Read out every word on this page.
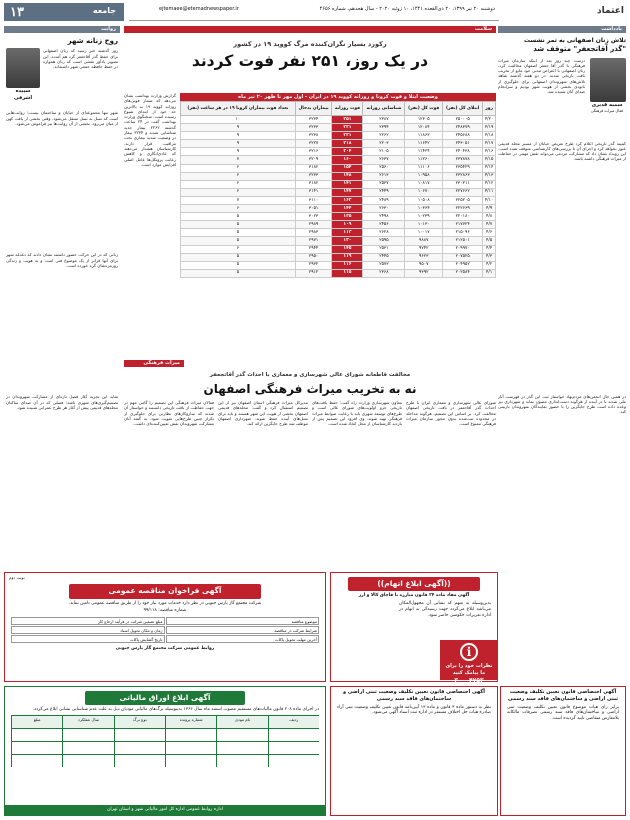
۱۳	جامعه	ejtemaee@etemadnewspaper.ir	دوشنبه ۲۰ تیر ۱۳۹۹، ۲۰ ذی‌القعده ۱۴۴۱، ۱۰ ژوئیه ۲۰۲۰ - سال هجدهم، شماره ۴۶۵۶	اعتماد
روایت
روح زنانه شهر
روز گذشته خبر رسید که زنان اصفهانی برای حفظ گذر آقاجعفر گرد هم آمدند. این تصویر یادآور نقشی است که زنان همواره در حفظ حافظه جمعی شهر داشته‌اند.
سپیده اشرفی
شهر تنها مجموعه‌ای از خیابان و ساختمان نیست؛ روایت‌هایی است که نسل به نسل منتقل می‌شود. وقتی بخشی از بافت کهن از میان می‌رود، بخشی از آن روایت‌ها نیز فراموش می‌شود.
زنانی که در این حرکت حضور داشتند نشان دادند که دغدغه شهر برای آنها فراتر از یک موضوع فنی است و به هویت و زندگی روزمره‌شان گره خورده است.
شاید این تجربه آغاز فصل تازه‌ای از مشارکت شهروندان در تصمیم‌گیری‌های شهری باشد؛ فصلی که در آن صدای ساکنان محله‌های قدیمی پیش از آغاز هر طرح عمرانی شنیده شود.
سلامت
رکورد بسیار نگران‌کننده مرگ کووید ۱۹ در کشور
در یک روز، ۲۵۱ نفر فوت کردند
گزارش وزارت بهداشت نشان می‌دهد که شمار فوتی‌های روزانه کووید ۱۹ به بالاترین حد خود از ابتدای شیوع رسیده است. سخنگوی وزارت بهداشت گفت در ۲۴ ساعت گذشته ۲۲۶۲ بیمار جدید شناسایی شدند و ۳۲۳۴ بیمار در وضعیت شدید بیماری تحت مراقبت قرار دارند. کارشناسان هشدار می‌دهند که عادی‌انگاری و کاهش رعایت پروتکل‌ها عامل اصلی افزایش موارد است.
وضعیت ابتلا و فوت کرونا و روزانه کووید ۱۹ در ایران - اول مهر تا ظهر ۲۰ تیر ماه
روز	ابتلای کل (نفر)	فوت کل (نفر)	شناسایی روزانه	فوت روزانه	بیماران بدحال	تعداد فوت بیماران کرونا ۱۹ در هر ساعت (نفر)
۴/۲۰	۲۵۰۰۰۵	۱۲۳۰۵	۲۳۸۷	۲۵۱	۳۲۳۴	۱۰
۴/۱۹	۲۴۸۳۷۹	۱۲۰۸۴	۲۳۹۴	۲۲۱	۳۲۳۳	۹
۴/۱۸	۲۴۵۶۸۸	۱۱۸۶۳	۲۲۶۲	۲۲۱	۳۲۳۸	۹
۴/۱۷	۲۴۳۰۵۱	۱۱۶۴۲	۲۲۰۳	۲۱۸	۳۲۲۷	۹
۴/۱۶	۲۴۰۴۳۸	۱۱۴۲۴	۲۱۰۵	۲۰۴	۳۲۱۶	۹
۴/۱۵	۲۳۷۸۷۸	۱۱۲۶۰	۲۶۳۷	۱۶۰	۳۲۰۹	۷
۴/۱۴	۲۳۵۴۲۹	۱۱۱۰۶	۲۵۶۰	۱۵۴	۳۱۸۲	۶
۴/۱۳	۲۳۲۸۶۳	۱۰۹۵۸	۲۶۱۳	۱۴۸	۳۲۳۳	۶
۴/۱۲	۲۳۰۲۱۱	۱۰۸۱۷	۲۵۳۷	۱۴۱	۳۱۸۲	۶
۴/۱۱	۲۲۷۶۶۲	۱۰۶۷۰	۲۴۴۹	۱۴۷	۳۱۴۱	۶
۴/۱۰	۲۲۵۲۰۵	۱۰۵۰۸	۲۴۸۹	۱۶۲	۳۱۱۰	۷
۴/۹	۲۲۲۶۶۹	۱۰۳۶۴	۲۶۳۰	۱۴۴	۳۰۵۱	۶
۴/۸	۲۲۰۱۸۰	۱۰۲۳۹	۲۴۹۸	۱۲۵	۳۰۲۳	۵
۴/۷	۲۱۷۷۲۴	۱۰۱۳۰	۲۴۵۶	۱۰۹	۲۹۸۹	۵
۴/۶	۲۱۵۰۹۶	۱۰۰۱۷	۲۶۲۸	۱۱۳	۲۹۸۳	۵
۴/۵	۲۱۲۵۰۱	۹۸۸۷	۲۵۹۵	۱۳۰	۲۹۷۱	۵
۴/۴	۲۰۹۹۷۰	۹۷۴۲	۲۵۳۱	۱۴۵	۲۹۴۴	۶
۴/۳	۲۰۷۵۲۵	۹۶۲۳	۲۴۴۵	۱۱۹	۲۹۵۰	۵
۴/۲	۲۰۴۹۵۲	۹۵۰۷	۲۵۷۳	۱۱۶	۲۹۳۲	۵
۴/۱	۲۰۲۵۸۴	۹۳۹۲	۲۳۶۸	۱۱۵	۲۹۱۲	۵
میراث فرهنگی
مخالفت قاطعانه شورای عالی شهرسازی و معماری با احداث گذر آقاتجعفر
نه به تخریب میراث فرهنگی اصفهان
شورای عالی شهرسازی و معماری ایران با طرح احداث گذر آقاجعفر در بافت تاریخی اصفهان مخالفت کرد. بر اساس این تصمیم، هرگونه مداخله در محدوده ثبت‌شده بدون مجوز سازمان میراث فرهنگی ممنوع است.
معاون شهرسازی وزارت راه گفت: حفظ بافت‌های تاریخی جزو اولویت‌های شورای عالی است و طرح‌های توسعه شهری باید با رعایت ضوابط میراث فرهنگی تهیه شوند. وی افزود این تصمیم پس از بازدید کارشناسان از محل اتخاذ شده است.
مدیرکل میراث فرهنگی استان اصفهان نیز از این تصمیم استقبال کرد و گفت: محله‌های قدیمی اصفهان بخشی از هویت این شهر هستند و باید برای نسل‌های آینده حفظ شوند. شهرداری اصفهان موظف شد طرح جایگزین ارائه کند.
فعالان میراث فرهنگی این تصمیم را گامی مهم در جهت حفاظت از بافت تاریخی دانستند و خواستار آن شدند که سازوکارهای نظارتی برای جلوگیری از تکرار چنین طرح‌هایی تقویت شود. به گفته آنان مشارکت شهروندان نقش تعیین‌کننده‌ای داشت.
یادداشت
تلاش زنان اصفهانی به ثمر نشست
"گذر آقاتجعفر" متوقف شد
سمیه قدیری
فعال میراث فرهنگی
درست چند روز بعد از اینکه سازمان میراث فرهنگی با گذر آقا جعفر اصفهان مخالفت کرد، زنان اصفهانی با اعتراض مدنی خود مانع از تخریب بافت تاریخی شدند. در دو هفته گذشته شاهد تلاش‌های شهروندان اصفهانی برای جلوگیری از نابودی بخشی از هویت شهر بودیم و سرانجام صدای آنان شنیده شد.
کمیته گذر تاریخی اعلام کرد طرح تعریض خیابان از مسیر محله قدیمی عبور نخواهد کرد و اجرای آن تا بررسی‌های کارشناسی متوقف شده است. این رویداد نشان داد که مشارکت مردمی می‌تواند نقش مهمی در حفاظت از میراث فرهنگی داشته باشد.
در همین حال انجمن‌های مردم‌نهاد خواستار ثبت این گذر در فهرست آثار ملی شدند تا در آینده از هرگونه دست‌اندازی مصون بماند و شهرداری نیز وعده داده است طرح جایگزین را با حضور نمایندگان شهروندان بازبینی کند.
نوبت دوم
آگهی فراخوان مناقصه عمومی
شرکت مجتمع گاز پارس جنوبی در نظر دارد خدمات مورد نیاز خود را از طریق مناقصه عمومی تامین نماید.
شماره مناقصه: ۹۹/۱۱۸
موضوع مناقصه
مبلغ تضمین شرکت در فرآیند ارجاع کار
شرایط شرکت در مناقصه
زمان و مکان تحویل اسناد
آخرین مهلت تحویل پاکات
تاریخ گشایش پاکات
روابط عمومی شرکت مجتمع گاز پارس جنوبی
((آگهی ابلاغ اتهام))
آگهی مفاد ماده ۲۴ قانون مبارزه با قاچاق کالا و ارز
بدین‌وسیله به متهم که نشانی آن مجهول‌المکان می‌باشد ابلاغ می‌گردد جهت رسیدگی به اتهام در اداره تعزیرات حکومتی حاضر شود.
i
نظرات خود را برای ما پیامک کنید
۳۰۰۰۴۷۵۳
آگهی ابلاغ اوراق مالیاتی
در اجرای ماده ۲۰۸ قانون مالیات‌های مستقیم مصوب اسفند ماه سال ۱۳۶۶ بدینوسیله برگ‌های مالیاتی مودیان ذیل به علت عدم شناسایی نشانی ابلاغ می‌گردد.
ردیف
نام مودی
شماره پرونده
نوع برگ
سال عملکرد
مبلغ
اداره روابط عمومی اداره کل امور مالیاتی شهر و استان تهران
آگهی اختصاصی قانون تعیین تکلیف وضعیت ثبتی اراضی و ساختمان‌های فاقد سند رسمی
نظر به دستور ماده ۳ قانون و ماده ۱۳ آیین‌نامه قانون تعیین تکلیف وضعیت ثبتی آراء صادره هیات حل اختلاف مستقر در اداره ثبت اسناد آگهی می‌شود.
آگهی اختصاصی قانون تعیین تکلیف وضعیت ثبتی اراضی و ساختمان‌های فاقد سند رسمی
برابر رای هیات موضوع قانون تعیین تکلیف وضعیت ثبتی اراضی و ساختمان‌های فاقد سند رسمی تصرفات مالکانه بلامعارض متقاضی تایید گردیده است.
